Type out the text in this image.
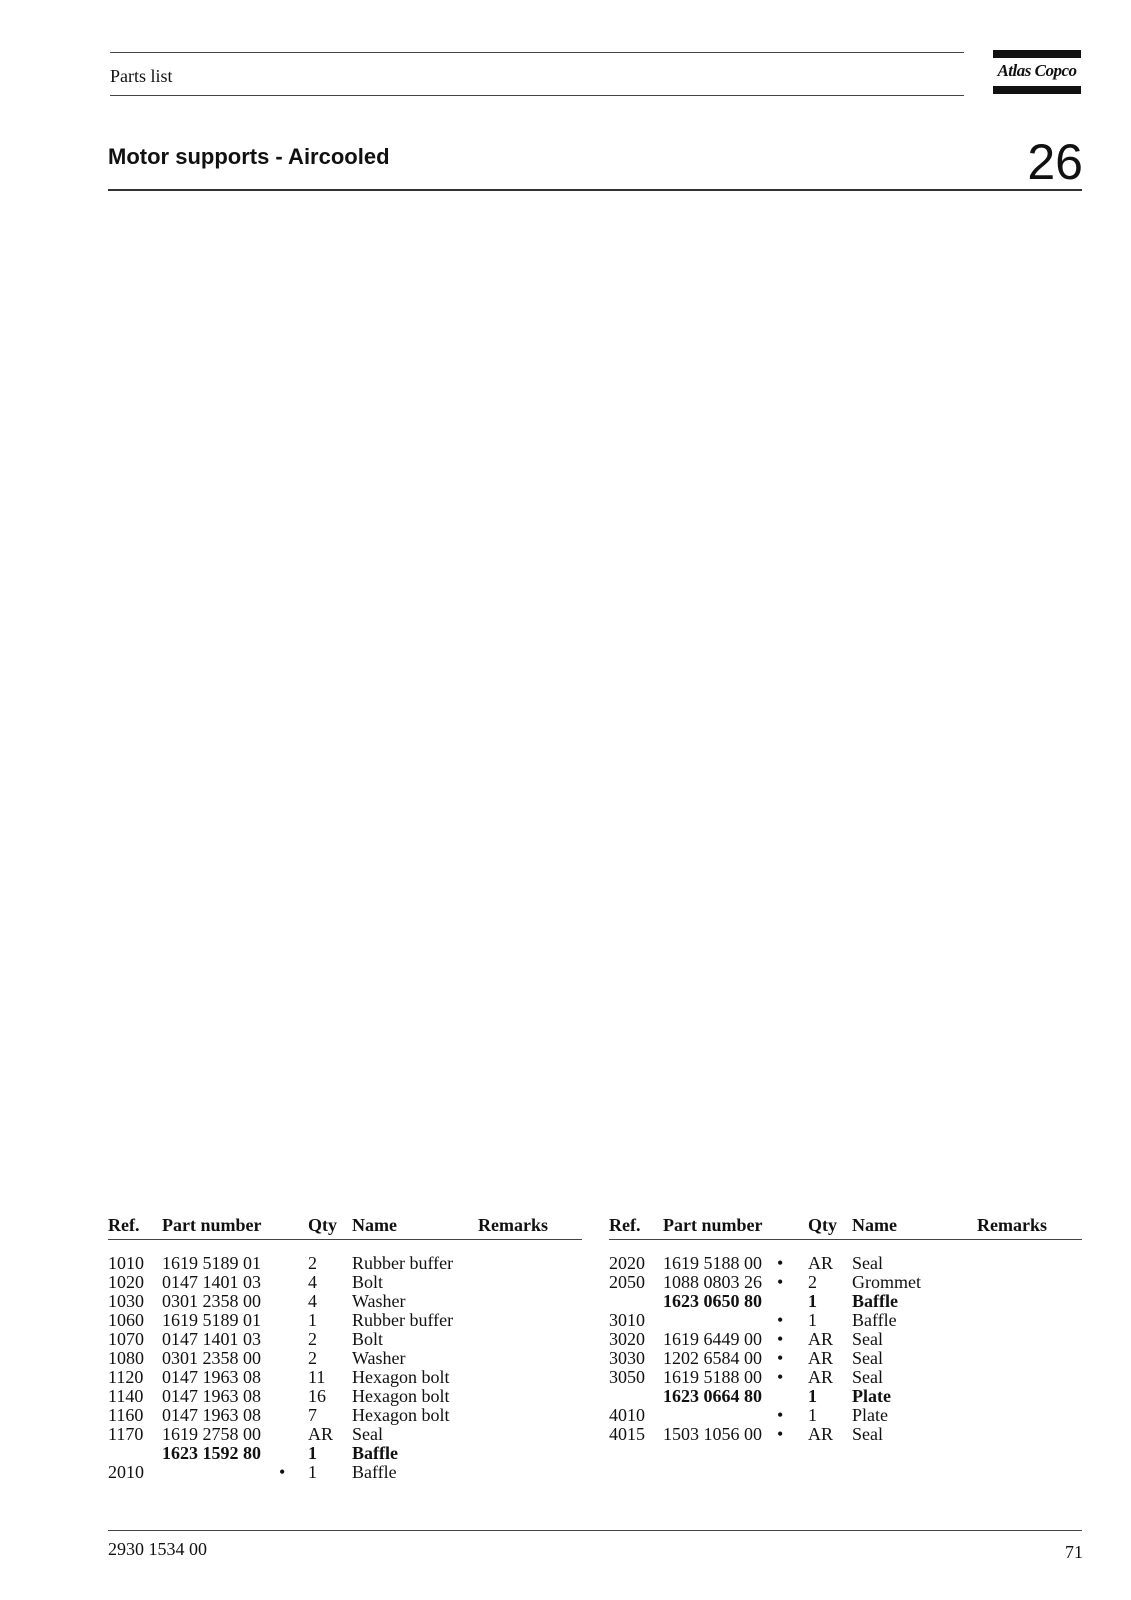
Parts list	Atlas Copco
Motor supports - Aircooled	26
Ref. Part number	Qty Name	Remarks
1010 1619 5189 01	2 Rubber buffer
1020 0147 1401 03	4 Bolt
1030 0301 2358 00	4 Washer
1060 1619 5189 01	1 Rubber buffer
1070 0147 1401 03	2 Bolt
1080 0301 2358 00	2 Washer
1120 0147 1963 08	11 Hexagon bolt
1140 0147 1963 08	16 Hexagon bolt
1160 0147 1963 08	7 Hexagon bolt
1170 1619 2758 00	AR Seal
1623 1592 80	1 Baffle
2010	• 1 Baffle
Ref. Part number	Qty Name	Remarks
2020 1619 5188 00 • AR Seal
2050 1088 0803 26 • 2 Grommet
1623 0650 80	1 Baffle
3010	• 1 Baffle
3020 1619 6449 00 • AR Seal
3030 1202 6584 00 • AR Seal
3050 1619 5188 00 • AR Seal
1623 0664 80	1 Plate
4010	• 1 Plate
4015 1503 1056 00 • AR Seal
2930 1534 00	71
